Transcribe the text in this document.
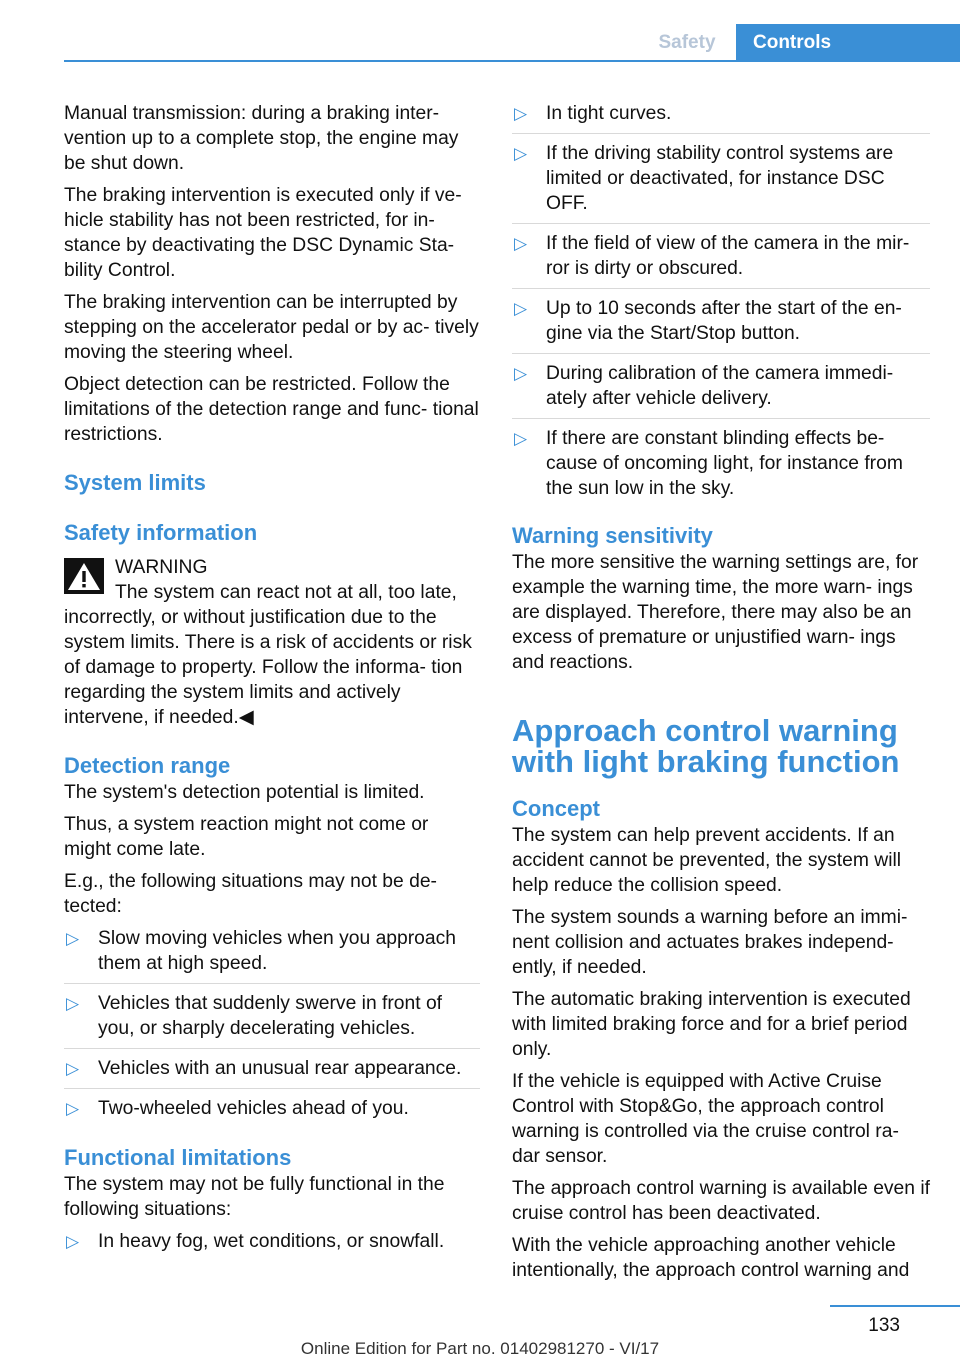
Safety	Controls

Manual transmission: during a braking inter‐ vention up to a complete stop, the engine may be shut down.

The braking intervention is executed only if ve‐ hicle stability has not been restricted, for in‐ stance by deactivating the DSC Dynamic Sta‐ bility Control.

The braking intervention can be interrupted by stepping on the accelerator pedal or by ac‐ tively moving the steering wheel.

Object detection can be restricted. Follow the limitations of the detection range and func‐ tional restrictions.

System limits
Safety information

WARNING

The system can react not at all, too late,

incorrectly, or without justification due to the system limits. There is a risk of accidents or risk of damage to property. Follow the informa‐ tion regarding the system limits and actively intervene, if needed.◀

Detection range

The system's detection potential is limited.

Thus, a system reaction might not come or might come late.

E.g., the following situations may not be de‐ tected:

▷ Slow moving vehicles when you approach them at high speed.
▷ Vehicles that suddenly swerve in front of you, or sharply decelerating vehicles.
▷ Vehicles with an unusual rear appearance.
▷ Two-wheeled vehicles ahead of you.
Functional limitations

The system may not be fully functional in the following situations:

▷ In heavy fog, wet conditions, or snowfall.
▷ In tight curves.
▷ If the driving stability control systems are limited or deactivated, for instance DSC OFF.
▷ If the field of view of the camera in the mir‐ ror is dirty or obscured.
▷ Up to 10 seconds after the start of the en‐ gine via the Start/Stop button.
▷ During calibration of the camera immedi‐ ately after vehicle delivery.
▷ If there are constant blinding effects be‐ cause of oncoming light, for instance from the sun low in the sky.
Warning sensitivity

The more sensitive the warning settings are, for example the warning time, the more warn‐ ings are displayed. Therefore, there may also be an excess of premature or unjustified warn‐ ings and reactions.

Approach control warning with light braking function
Concept

The system can help prevent accidents. If an accident cannot be prevented, the system will help reduce the collision speed.

The system sounds a warning before an immi‐ nent collision and actuates brakes independ‐ ently, if needed.

The automatic braking intervention is executed with limited braking force and for a brief period only.

If the vehicle is equipped with Active Cruise Control with Stop&Go, the approach control warning is controlled via the cruise control ra‐ dar sensor.

The approach control warning is available even if cruise control has been deactivated.

With the vehicle approaching another vehicle intentionally, the approach control warning and

133
Online Edition for Part no. 01402981270 - VI/17
